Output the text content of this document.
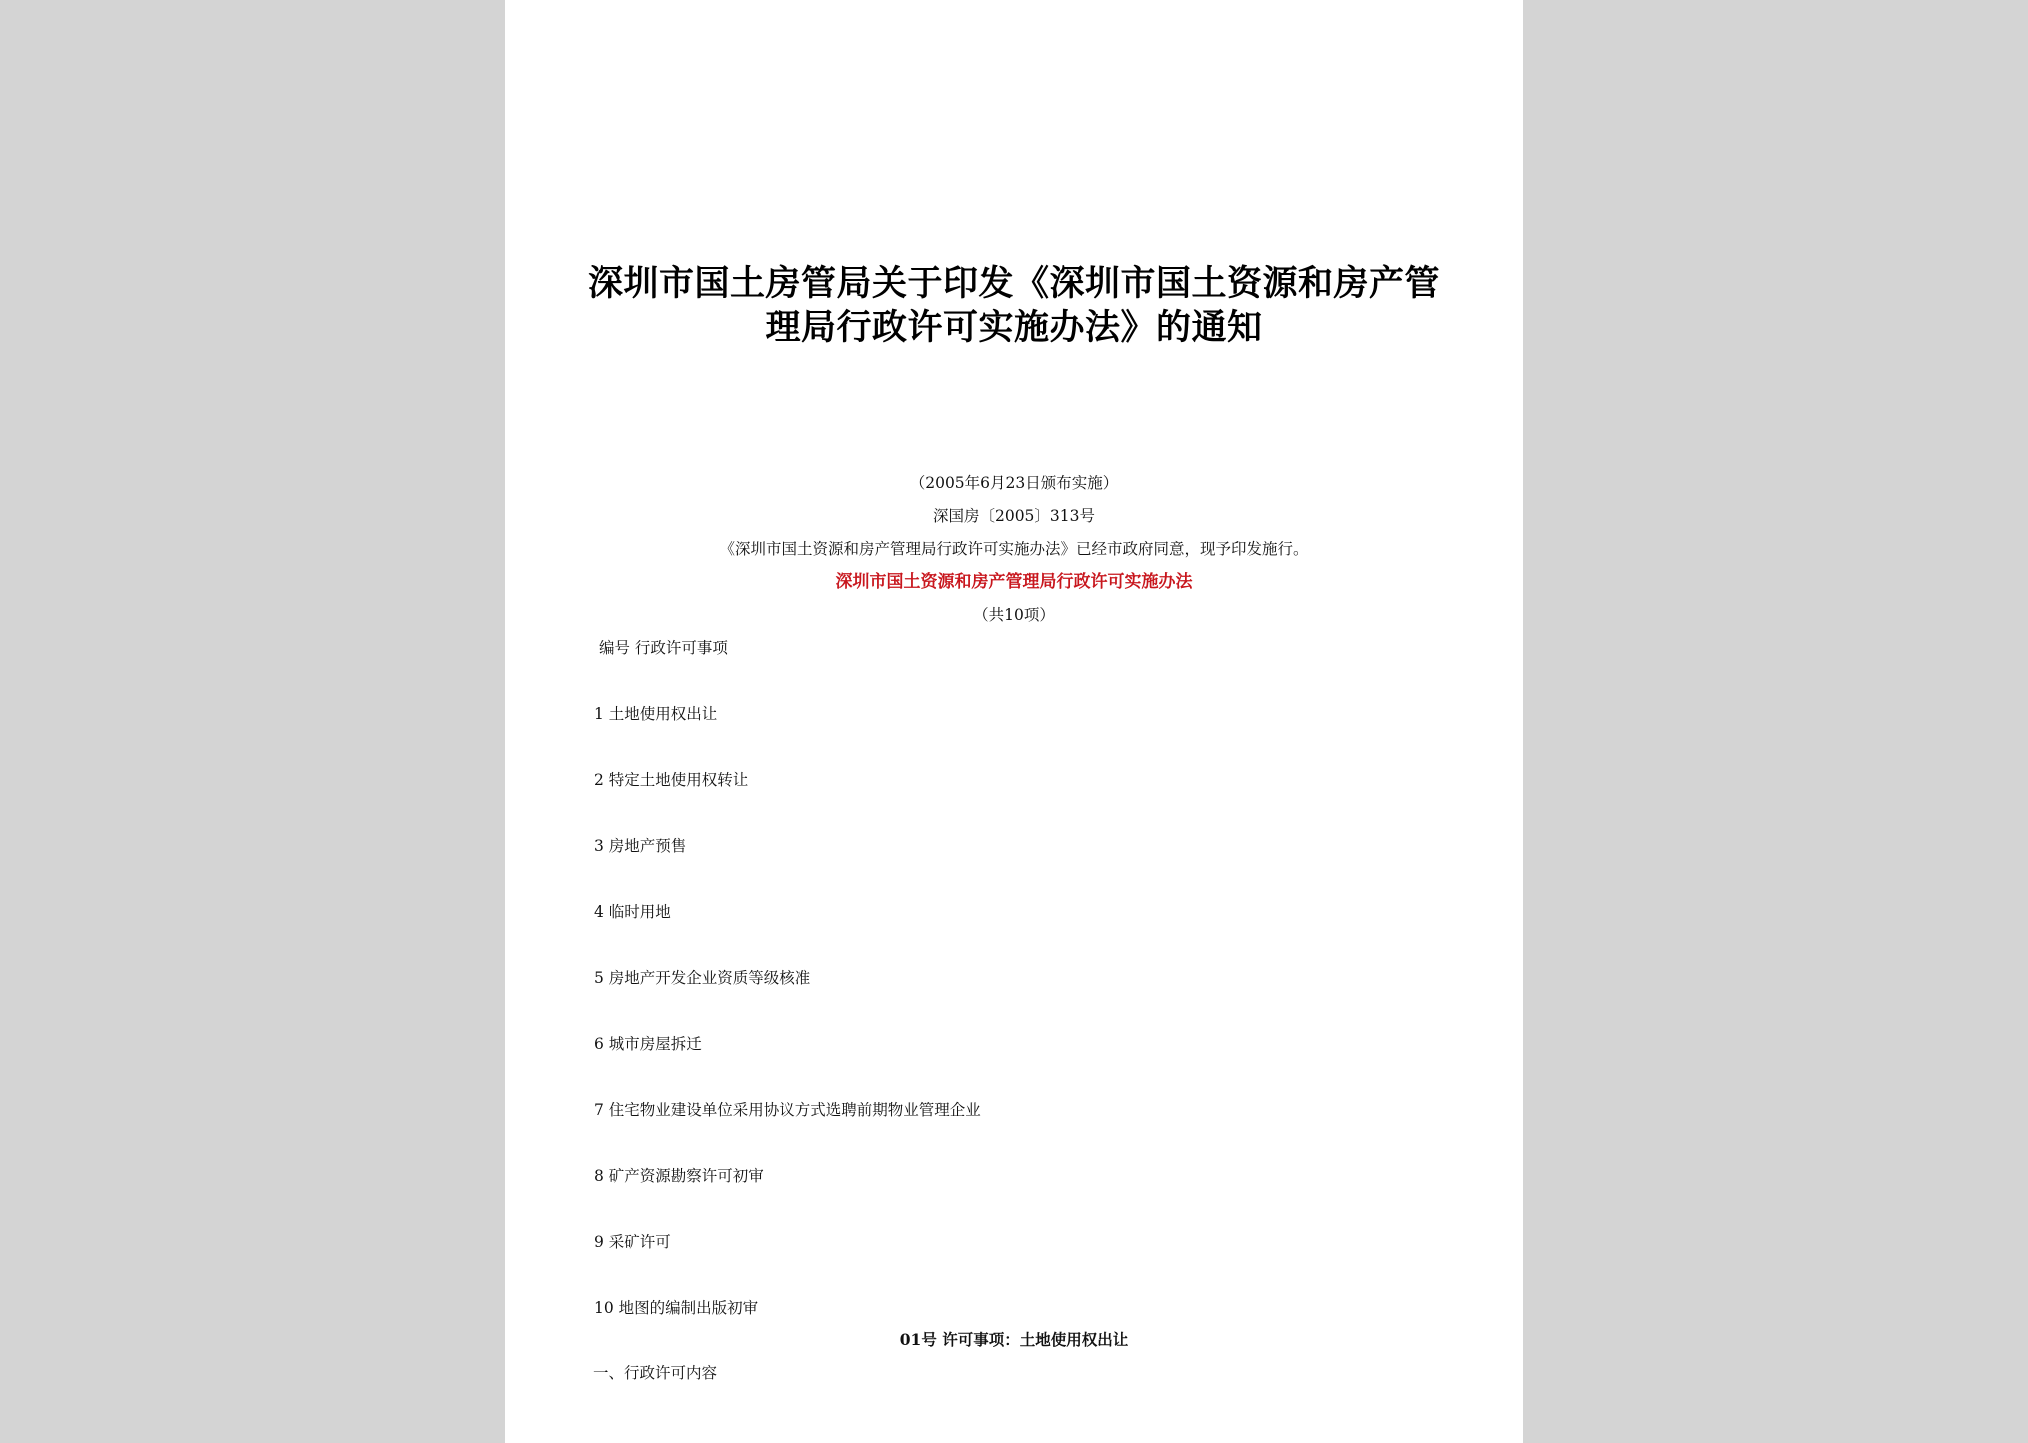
深圳市国土房管局关于印发《深圳市国土资源和房产管
理局行政许可实施办法》的通知
（2005年6月23日颁布实施）
深国房〔2005〕313号
《深圳市国土资源和房产管理局行政许可实施办法》已经市政府同意，现予印发施行。
深圳市国土资源和房产管理局行政许可实施办法
（共10项）
编号 行政许可事项
1 土地使用权出让
2 特定土地使用权转让
3 房地产预售
4 临时用地
5 房地产开发企业资质等级核准
6 城市房屋拆迁
7 住宅物业建设单位采用协议方式选聘前期物业管理企业
8 矿产资源勘察许可初审
9 采矿许可
10 地图的编制出版初审
01号 许可事项：土地使用权出让
一、行政许可内容
